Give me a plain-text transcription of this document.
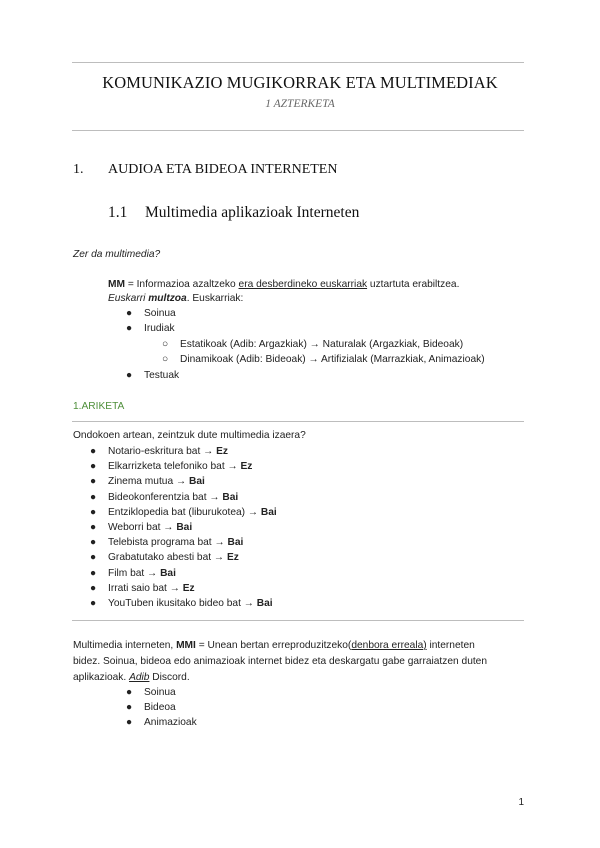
KOMUNIKAZIO MUGIKORRAK ETA MULTIMEDIAK
1 AZTERKETA
1. AUDIOA ETA BIDEOA INTERNETEN
1.1 Multimedia aplikazioak Interneten
Zer da multimedia?
MM = Informazioa azaltzeko era desberdineko euskarriak uztartuta erabiltzea.
Euskarri multzoa. Euskarriak:
● Soinua
● Irudiak
○ Estatikoak (Adib: Argazkiak) → Naturalak (Argazkiak, Bideoak)
○ Dinamikoak (Adib: Bideoak) → Artifizialak (Marrazkiak, Animazioak)
● Testuak
1.ARIKETA
Ondokoen artean, zeintzuk dute multimedia izaera?
● Notario-eskritura bat → Ez
● Elkarrizketa telefoniko bat → Ez
● Zinema mutua → Bai
● Bideokonferentzia bat → Bai
● Entziklopedia bat (liburukotea) → Bai
● Weborri bat → Bai
● Telebista programa bat → Bai
● Grabatutako abesti bat → Ez
● Film bat → Bai
● Irrati saio bat → Ez
● YouTuben ikusitako bideo bat → Bai
Multimedia interneten, MMI = Unean bertan erreproduzitzeko(denbora erreala) interneten
bidez. Soinua, bideoa edo animazioak internet bidez eta deskargatu gabe garraiatzen duten
aplikazioak. Adib Discord.
● Soinua
● Bideoa
● Animazioak
1
